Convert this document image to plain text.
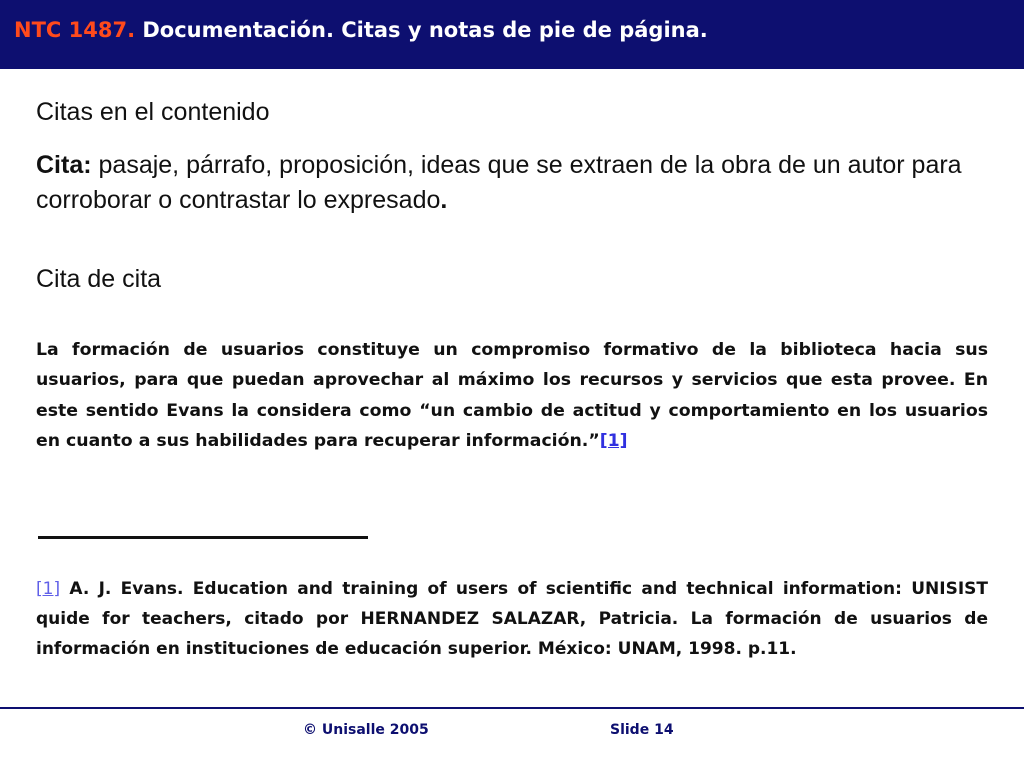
NTC 1487. Documentación. Citas y notas de pie de página.
Citas en el contenido
Cita: pasaje, párrafo, proposición, ideas que se extraen de la obra de un autor para corroborar o contrastar lo expresado.
Cita de cita
La formación de usuarios constituye un compromiso formativo de la biblioteca hacia sus usuarios, para que puedan aprovechar al máximo los recursos y servicios que esta provee. En este sentido Evans la considera como “un cambio de actitud y comportamiento en los usuarios en cuanto a sus habilidades para recuperar información.”[1]
[1] A. J. Evans. Education and training of users of scientific and technical information: UNISIST quide for teachers, citado por HERNANDEZ SALAZAR, Patricia. La formación de usuarios de información en instituciones de educación superior. México: UNAM, 1998. p.11.
© Unisalle 2005	Slide 14
